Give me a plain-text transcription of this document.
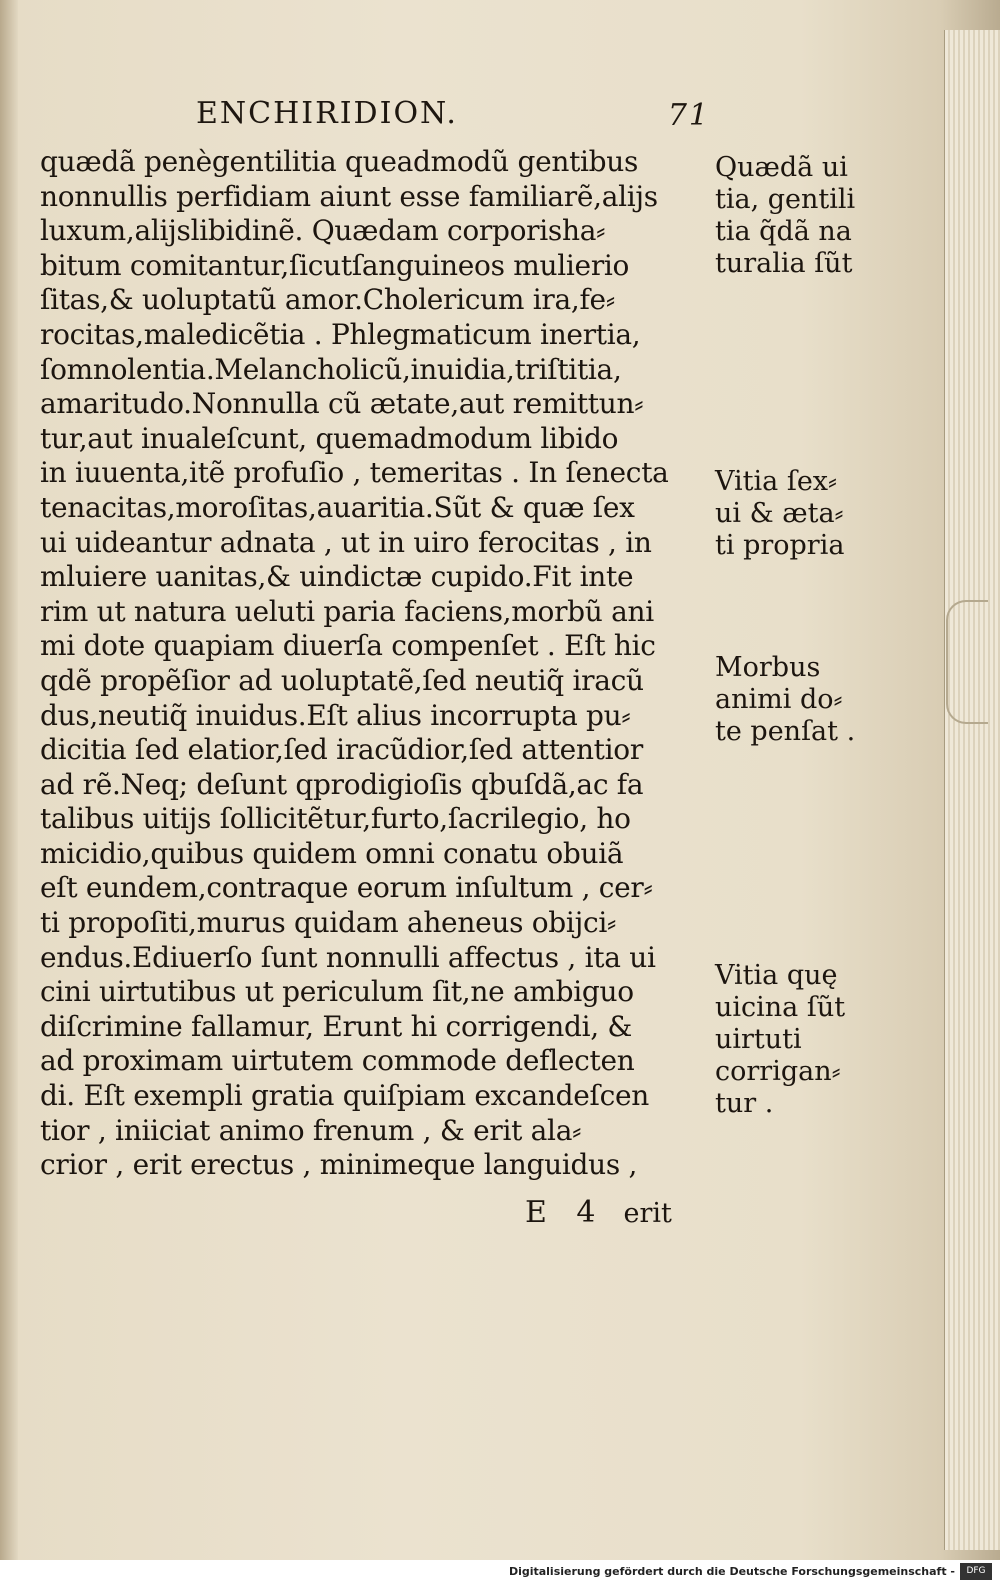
ENCHIRIDION.	71
quædã penègentilitia queadmodũ gentibus
nonnullis perfidiam aiunt esse familiarẽ,alijs
luxum,alijslibidinẽ. Quædam corporisha⸗
bitum comitantur,ſicutſanguineos mulierio
ſitas,& uoluptatũ amor.Cholericum ira,fe⸗
rocitas,maledicẽtia . Phlegmaticum inertia,
ſomnolentia.Melancholicũ,inuidia,triſtitia,
amaritudo.Nonnulla cũ ætate,aut remittun⸗
tur,aut inualeſcunt, quemadmodum libido
in iuuenta,itẽ profuſio , temeritas . In ſenecta
tenacitas,moroſitas,auaritia.Sũt & quæ ſex
ui uideantur adnata , ut in uiro ferocitas , in
mluiere uanitas,& uindictæ cupido.Fit inte
rim ut natura ueluti paria faciens,morbũ ani
mi dote quapiam diuerſa compenſet . Eſt hic
qdẽ propẽſior ad uoluptatẽ,ſed neutiq̃ iracũ
dus,neutiq̃ inuidus.Eſt alius incorrupta pu⸗
dicitia ſed elatior,ſed iracũdior,ſed attentior
ad rẽ.Neq; deſunt qprodigioſis qbuſdã,ac fa
talibus uitijs ſollicitẽtur,furto,ſacrilegio, ho
micidio,quibus quidem omni conatu obuiã
eſt eundem,contraque eorum inſultum , cer⸗
ti propoſiti,murus quidam aheneus obijci⸗
endus.Ediuerſo ſunt nonnulli affectus , ita ui
cini uirtutibus ut periculum ſit,ne ambiguo
diſcrimine fallamur, Erunt hi corrigendi, &
ad proximam uirtutem commode deflecten
di. Eſt exempli gratia quiſpiam excandeſcen
tior , iniiciat animo frenum , & erit ala⸗
crior , erit erectus , minimeque languidus ,
Quædã ui
tia, gentili
tia q̃dã na
turalia ſũt
Vitia ſex⸗
ui & æta⸗
ti propria
Morbus
animi do⸗
te penſat .
Vitia quę
uicina ſũt
uirtuti
corrigan⸗
tur .
E 4 erit
Digitalisierung gefördert durch die Deutsche Forschungsgemeinschaft -	DFG
